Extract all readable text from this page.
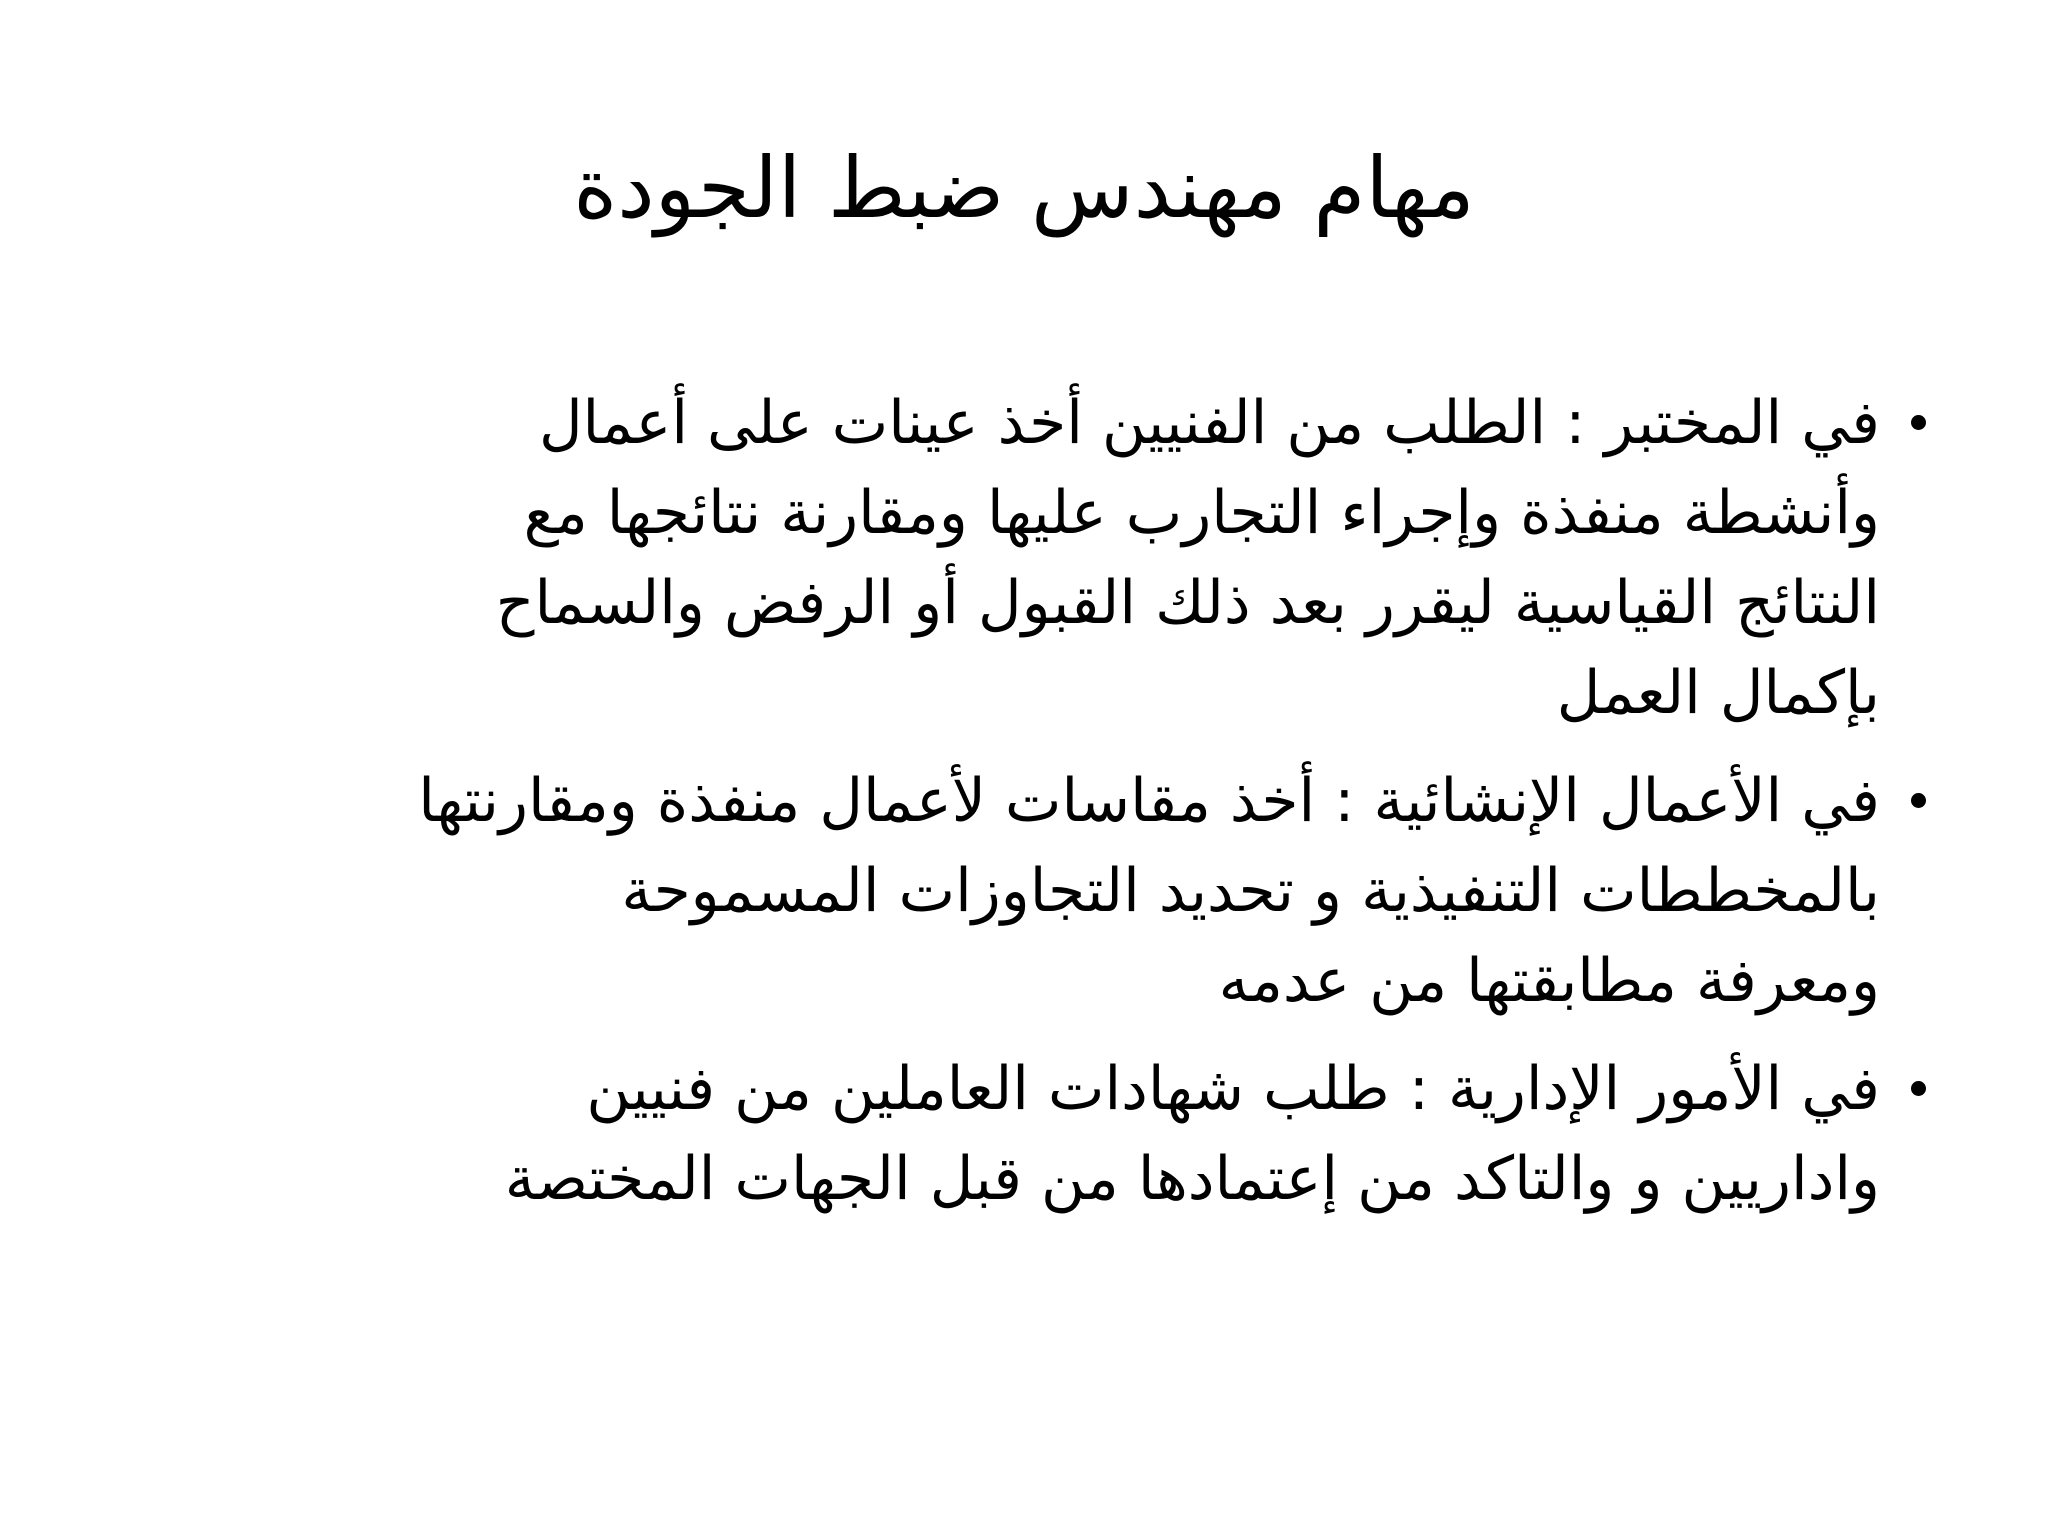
مهام مهندس ضبط الجودة
في المختبر : الطلب من الفنيين أخذ عينات على أعمال
وأنشطة منفذة وإجراء التجارب عليها ومقارنة نتائجها مع
النتائج القياسية ليقرر بعد ذلك القبول أو الرفض والسماح
بإكمال العمل
في الأعمال الإنشائية : أخذ مقاسات لأعمال منفذة ومقارنتها
بالمخططات التنفيذية و تحديد التجاوزات المسموحة
ومعرفة مطابقتها من عدمه
في الأمور الإدارية : طلب شهادات العاملين من فنيين
واداريين و والتاكد من إعتمادها من قبل الجهات المختصة
